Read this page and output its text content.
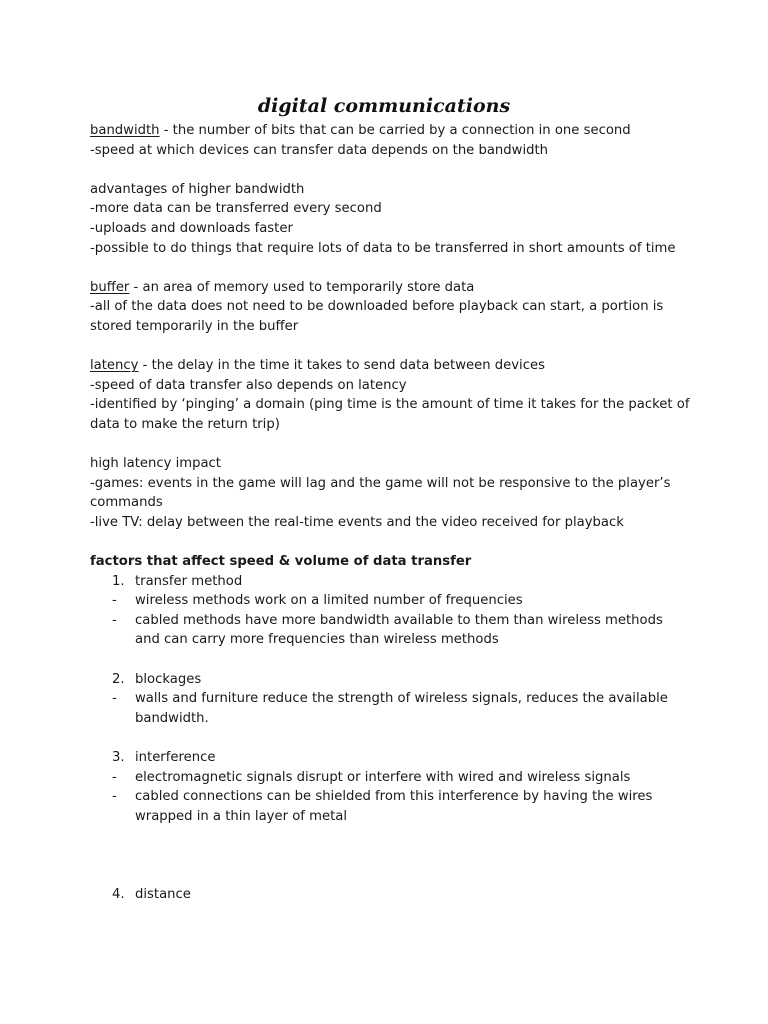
digital communications
bandwidth - the number of bits that can be carried by a connection in one second
-speed at which devices can transfer data depends on the bandwidth
advantages of higher bandwidth
-more data can be transferred every second
-uploads and downloads faster
-possible to do things that require lots of data to be transferred in short amounts of time
buffer - an area of memory used to temporarily store data
-all of the data does not need to be downloaded before playback can start, a portion is stored temporarily in the buffer
latency - the delay in the time it takes to send data between devices
-speed of data transfer also depends on latency
-identified by ‘pinging’ a domain (ping time is the amount of time it takes for the packet of data to make the return trip)
high latency impact
-games: events in the game will lag and the game will not be responsive to the player’s commands
-live TV: delay between the real-time events and the video received for playback
factors that affect speed & volume of data transfer
1. transfer method
-	wireless methods work on a limited number of frequencies
-	cabled methods have more bandwidth available to them than wireless methods and can carry more frequencies than wireless methods
2. blockages
-	walls and furniture reduce the strength of wireless signals, reduces the available bandwidth.
3. interference
-	electromagnetic signals disrupt or interfere with wired and wireless signals
-	cabled connections can be shielded from this interference by having the wires wrapped in a thin layer of metal
4. distance
